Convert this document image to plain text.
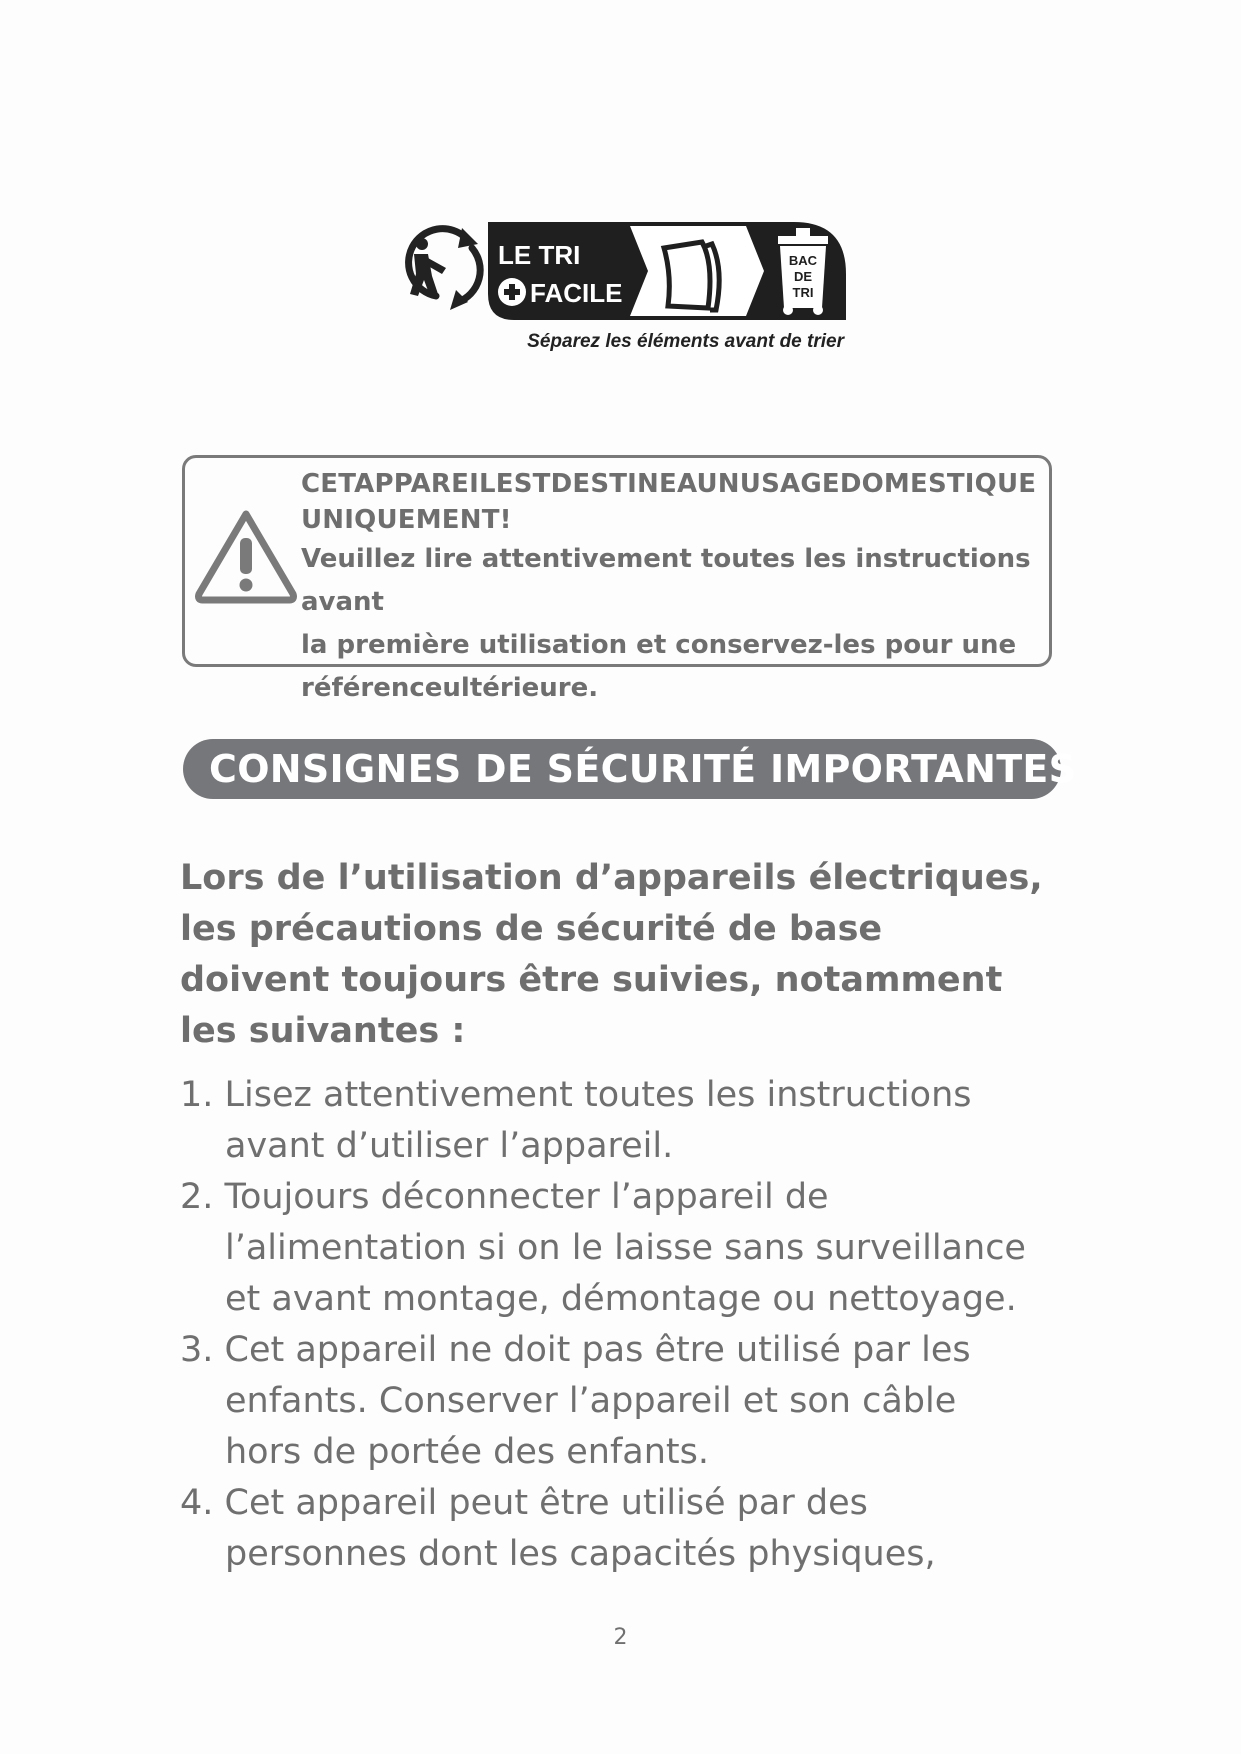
LE TRI
FACILE
BAC
DE
TRI
Séparez les éléments avant de trier
CETAPPAREILESTDESTINEAUNUSAGEDOMESTIQUE
UNIQUEMENT!
Veuillez lire attentivement toutes les instructions avant
la première utilisation et conservez-les pour une
référenceultérieure.
CONSIGNES DE SÉCURITÉ IMPORTANTES
Lors de l’utilisation d’appareils électriques,
les précautions de sécurité de base
doivent toujours être suivies, notamment
les suivantes :
1. Lisez attentivement toutes les instructions
avant d’utiliser l’appareil.
2. Toujours déconnecter l’appareil de
l’alimentation si on le laisse sans surveillance
et avant montage, démontage ou nettoyage.
3. Cet appareil ne doit pas être utilisé par les
enfants. Conserver l’appareil et son câble
hors de portée des enfants.
4. Cet appareil peut être utilisé par des
personnes dont les capacités physiques,
2
